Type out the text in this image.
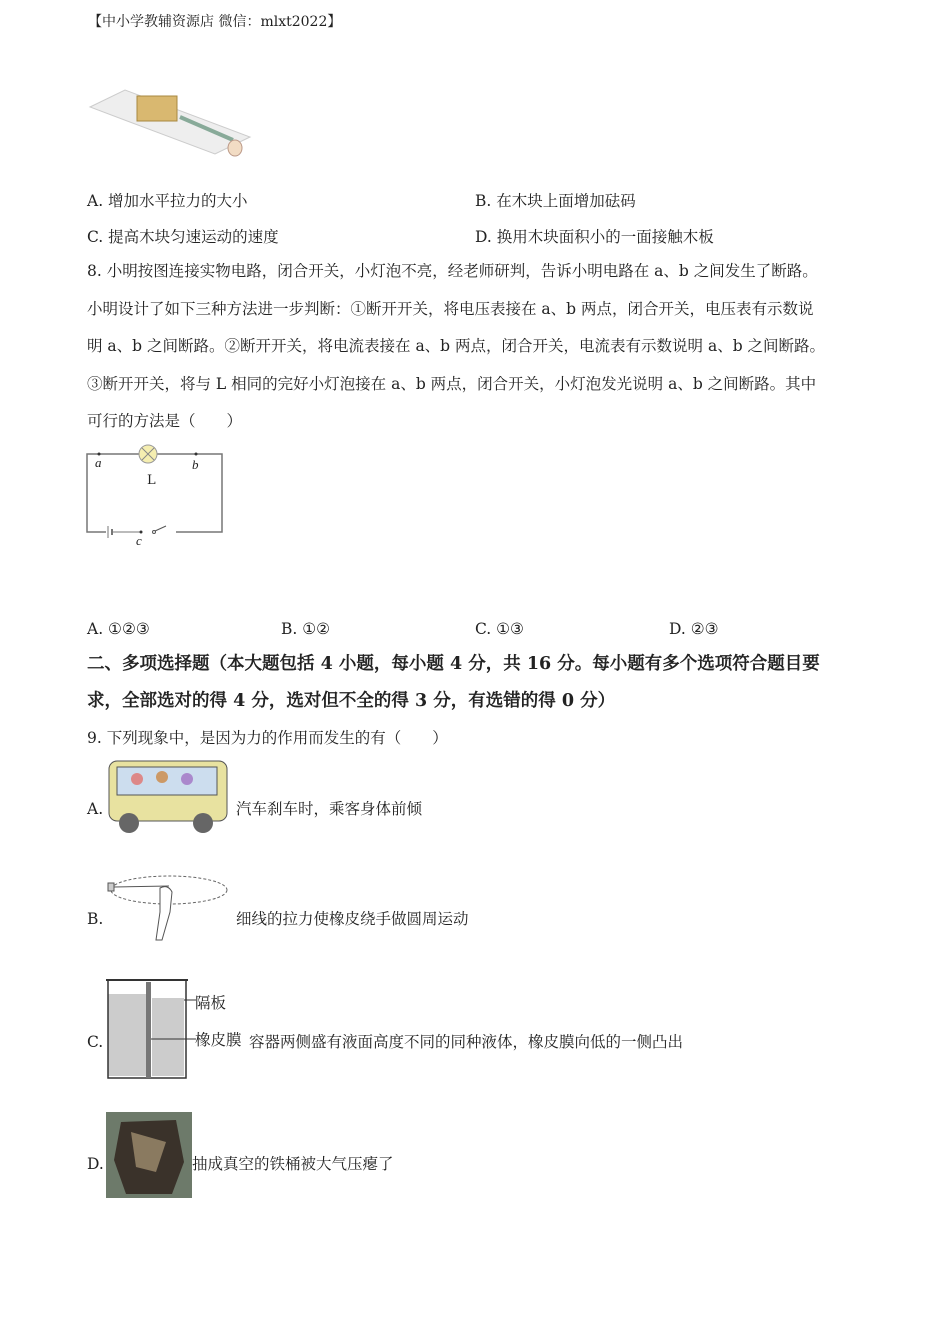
【中小学教辅资源店 微信：mlxt2022】
A. 增加水平拉力的大小	B. 在木块上面增加砝码
C. 提高木块匀速运动的速度	D. 换用木块面积小的一面接触木板
8. 小明按图连接实物电路，闭合开关，小灯泡不亮，经老师研判，告诉小明电路在 a、b 之间发生了断路。
小明设计了如下三种方法进一步判断：①断开开关，将电压表接在 a、b 两点，闭合开关，电压表有示数说
明 a、b 之间断路。②断开开关，将电流表接在 a、b 两点，闭合开关，电流表有示数说明 a、b 之间断路。
③断开开关，将与 L 相同的完好小灯泡接在 a、b 两点，闭合开关，小灯泡发光说明 a、b 之间断路。其中
可行的方法是（　　）
a	b
L
c
A. ①②③	B. ①②	C. ①③	D. ②③
二、多项选择题（本大题包括 4 小题，每小题 4 分，共 16 分。每小题有多个选项符合题目要
求，全部选对的得 4 分，选对但不全的得 3 分，有选错的得 0 分）
9. 下列现象中，是因为力的作用而发生的有（　　）
A.	汽车刹车时，乘客身体前倾
B.	细线的拉力使橡皮绕手做圆周运动
C.
隔板
橡皮膜 容器两侧盛有液面高度不同的同种液体，橡皮膜向低的一侧凸出
D.	抽成真空的铁桶被大气压瘪了
